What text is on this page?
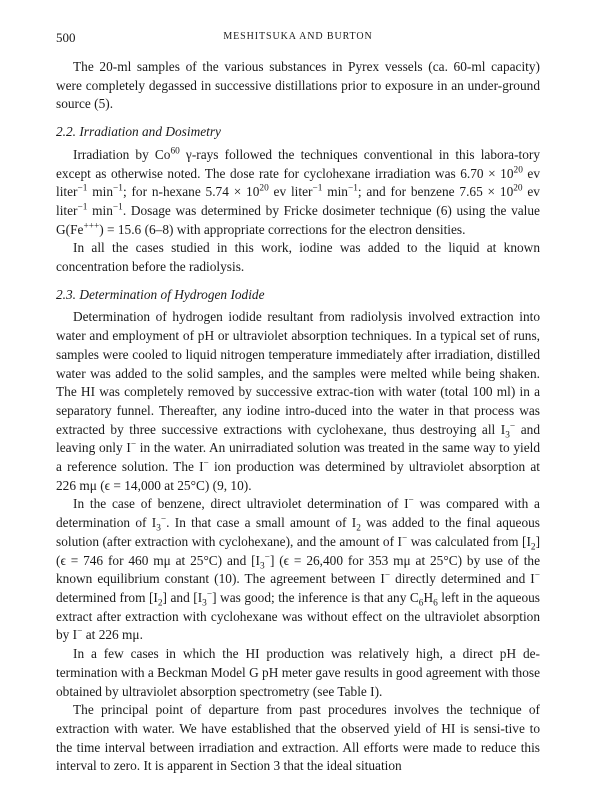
500	MESHITSUKA AND BURTON

The 20-ml samples of the various substances in Pyrex vessels (ca. 60-ml capacity) were completely degassed in successive distillations prior to exposure in an under-ground source (5).

2.2. Irradiation and Dosimetry

Irradiation by Co$^{60}$ γ-rays followed the techniques conventional in this labora-tory except as otherwise noted. The dose rate for cyclohexane irradiation was $6.70 \times 10^{20}$ ev liter$^{-1}$ $\min^{-1}$; for n-hexane $5.74 \times 10^{20}$ ev liter$^{-1}$ $\min^{-1}$; and for benzene $7.65 \times 10^{20}$ ev liter$^{-1}$ $\min^{-1}$. Dosage was determined by Fricke dosimeter technique (6) using the value G(Fe+++) = 15.6 (6–8) with appropriate corrections for the electron densities.

In all the cases studied in this work, iodine was added to the liquid at known concentration before the radiolysis.

2.3. Determination of Hydrogen Iodide

Determination of hydrogen iodide resultant from radiolysis involved extraction into water and employment of pH or ultraviolet absorption techniques. In a typical set of runs, samples were cooled to liquid nitrogen temperature immediately after irradiation, distilled water was added to the solid samples, and the samples were melted while being shaken. The HI was completely removed by successive extrac-tion with water (total 100 ml) in a separatory funnel. Thereafter, any iodine intro-duced into the water in that process was extracted by three successive extractions with cyclohexane, thus destroying all $I_3^-$ and leaving only I− in the water. An unirradiated solution was treated in the same way to yield a reference solution. The I− ion production was determined by ultraviolet absorption at 226 mμ (ϵ = 14,000 at 25°C) (9, 10).

In the case of benzene, direct ultraviolet determination of I− was compared with a determination of $I_3^-$. In that case a small amount of $I_2$ was added to the final aqueous solution (after extraction with cyclohexane), and the amount of I− was calculated from $[I_2] (\epsilon = 746$ for 460 mμ at 25°C) and $[I_3^-] (\epsilon = 26,400$ for 353 mμ at 25°C) by use of the known equilibrium constant (10). The agreement between I− directly determined and I− determined from $[I_2]$ and $[I_3^-]$ was good; the inference is that any $C_6H_6$ left in the aqueous extract after extraction with cyclohexane was without effect on the ultraviolet absorption by I− at 226 mμ.

In a few cases in which the HI production was relatively high, a direct pH de-termination with a Beckman Model G pH meter gave results in good agreement with those obtained by ultraviolet absorption spectrometry (see Table I).

The principal point of departure from past procedures involves the technique of extraction with water. We have established that the observed yield of HI is sensi-tive to the time interval between irradiation and extraction. All efforts were made to reduce this interval to zero. It is apparent in Section 3 that the ideal situation
